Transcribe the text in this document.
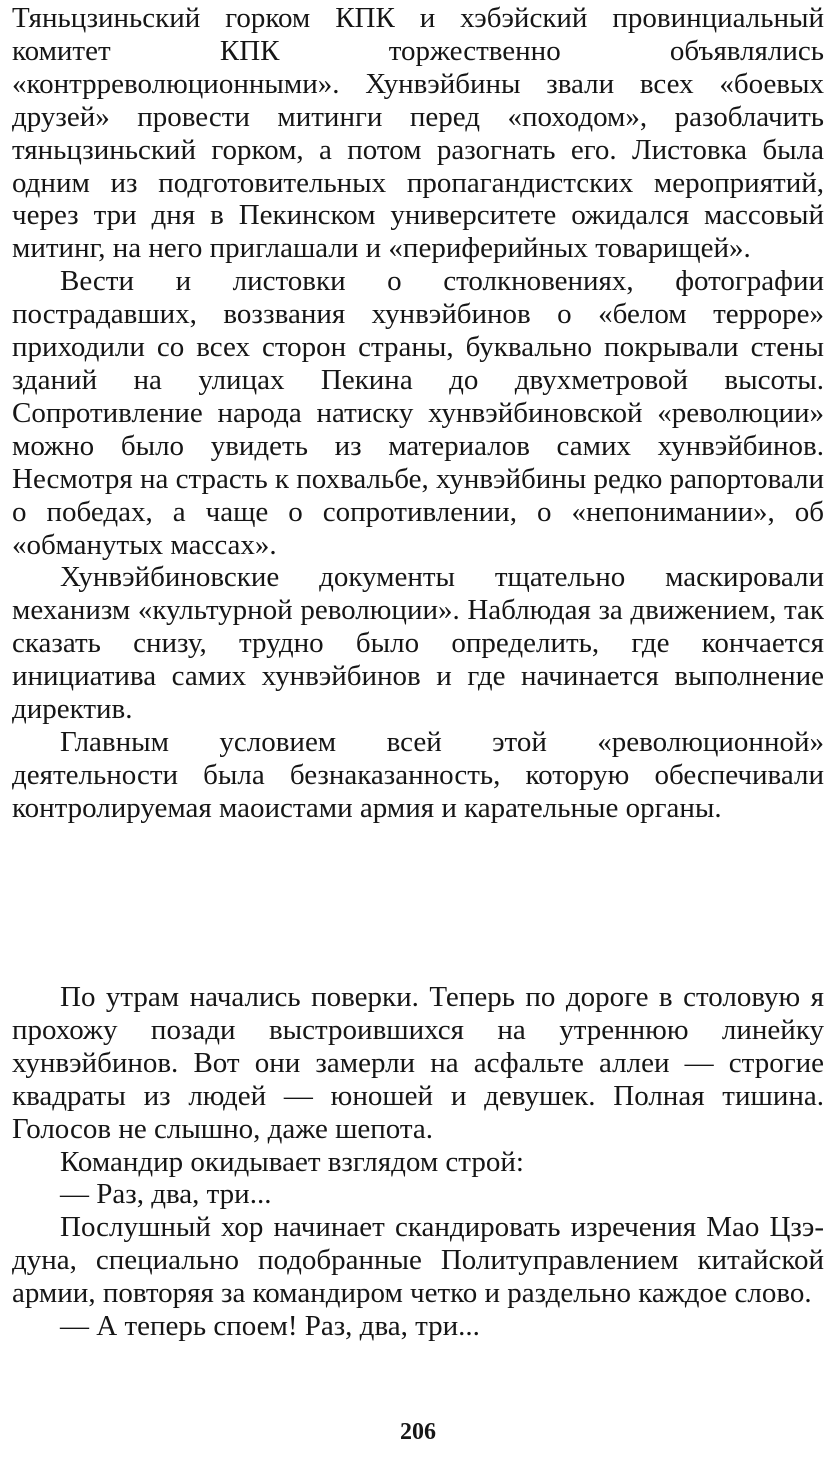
Тяньцзиньский горком КПК и хэбэйский провинциальный комитет КПК торжественно объявлялись «контрреволюционными». Хунвэйбины звали всех «боевых друзей» провести митинги перед «походом», разоблачить тяньцзиньский горком, а потом разогнать его. Листовка была одним из подготовительных пропагандистских мероприятий, через три дня в Пекинском университете ожидался массовый митинг, на него приглашали и «периферийных товарищей».

Вести и листовки о столкновениях, фотографии пострадавших, воззвания хунвэйбинов о «белом терроре» приходили со всех сторон страны, буквально покрывали стены зданий на улицах Пекина до двухметровой высоты. Сопротивление народа натиску хунвэйбиновской «революции» можно было увидеть из материалов самих хунвэйбинов. Несмотря на страсть к похвальбе, хунвэйбины редко рапортовали о победах, а чаще о сопротивлении, о «непонимании», об «обманутых массах».

Хунвэйбиновские документы тщательно маскировали механизм «культурной революции». Наблюдая за движением, так сказать снизу, трудно было определить, где кончается инициатива самих хунвэйбинов и где начинается выполнение директив.

Главным условием всей этой «революционной» деятельности была безнаказанность, которую обеспечивали контролируемая маоистами армия и карательные органы.

По утрам начались поверки. Теперь по дороге в столовую я прохожу позади выстроившихся на утреннюю линейку хунвэйбинов. Вот они замерли на асфальте аллеи — строгие квадраты из людей — юношей и девушек. Полная тишина. Голосов не слышно, даже шепота.

Командир окидывает взглядом строй:

— Раз, два, три...

Послушный хор начинает скандировать изречения Мао Цзэ-дуна, специально подобранные Политуправлением китайской армии, повторяя за командиром четко и раздельно каждое слово.

— А теперь споем! Раз, два, три...

206
